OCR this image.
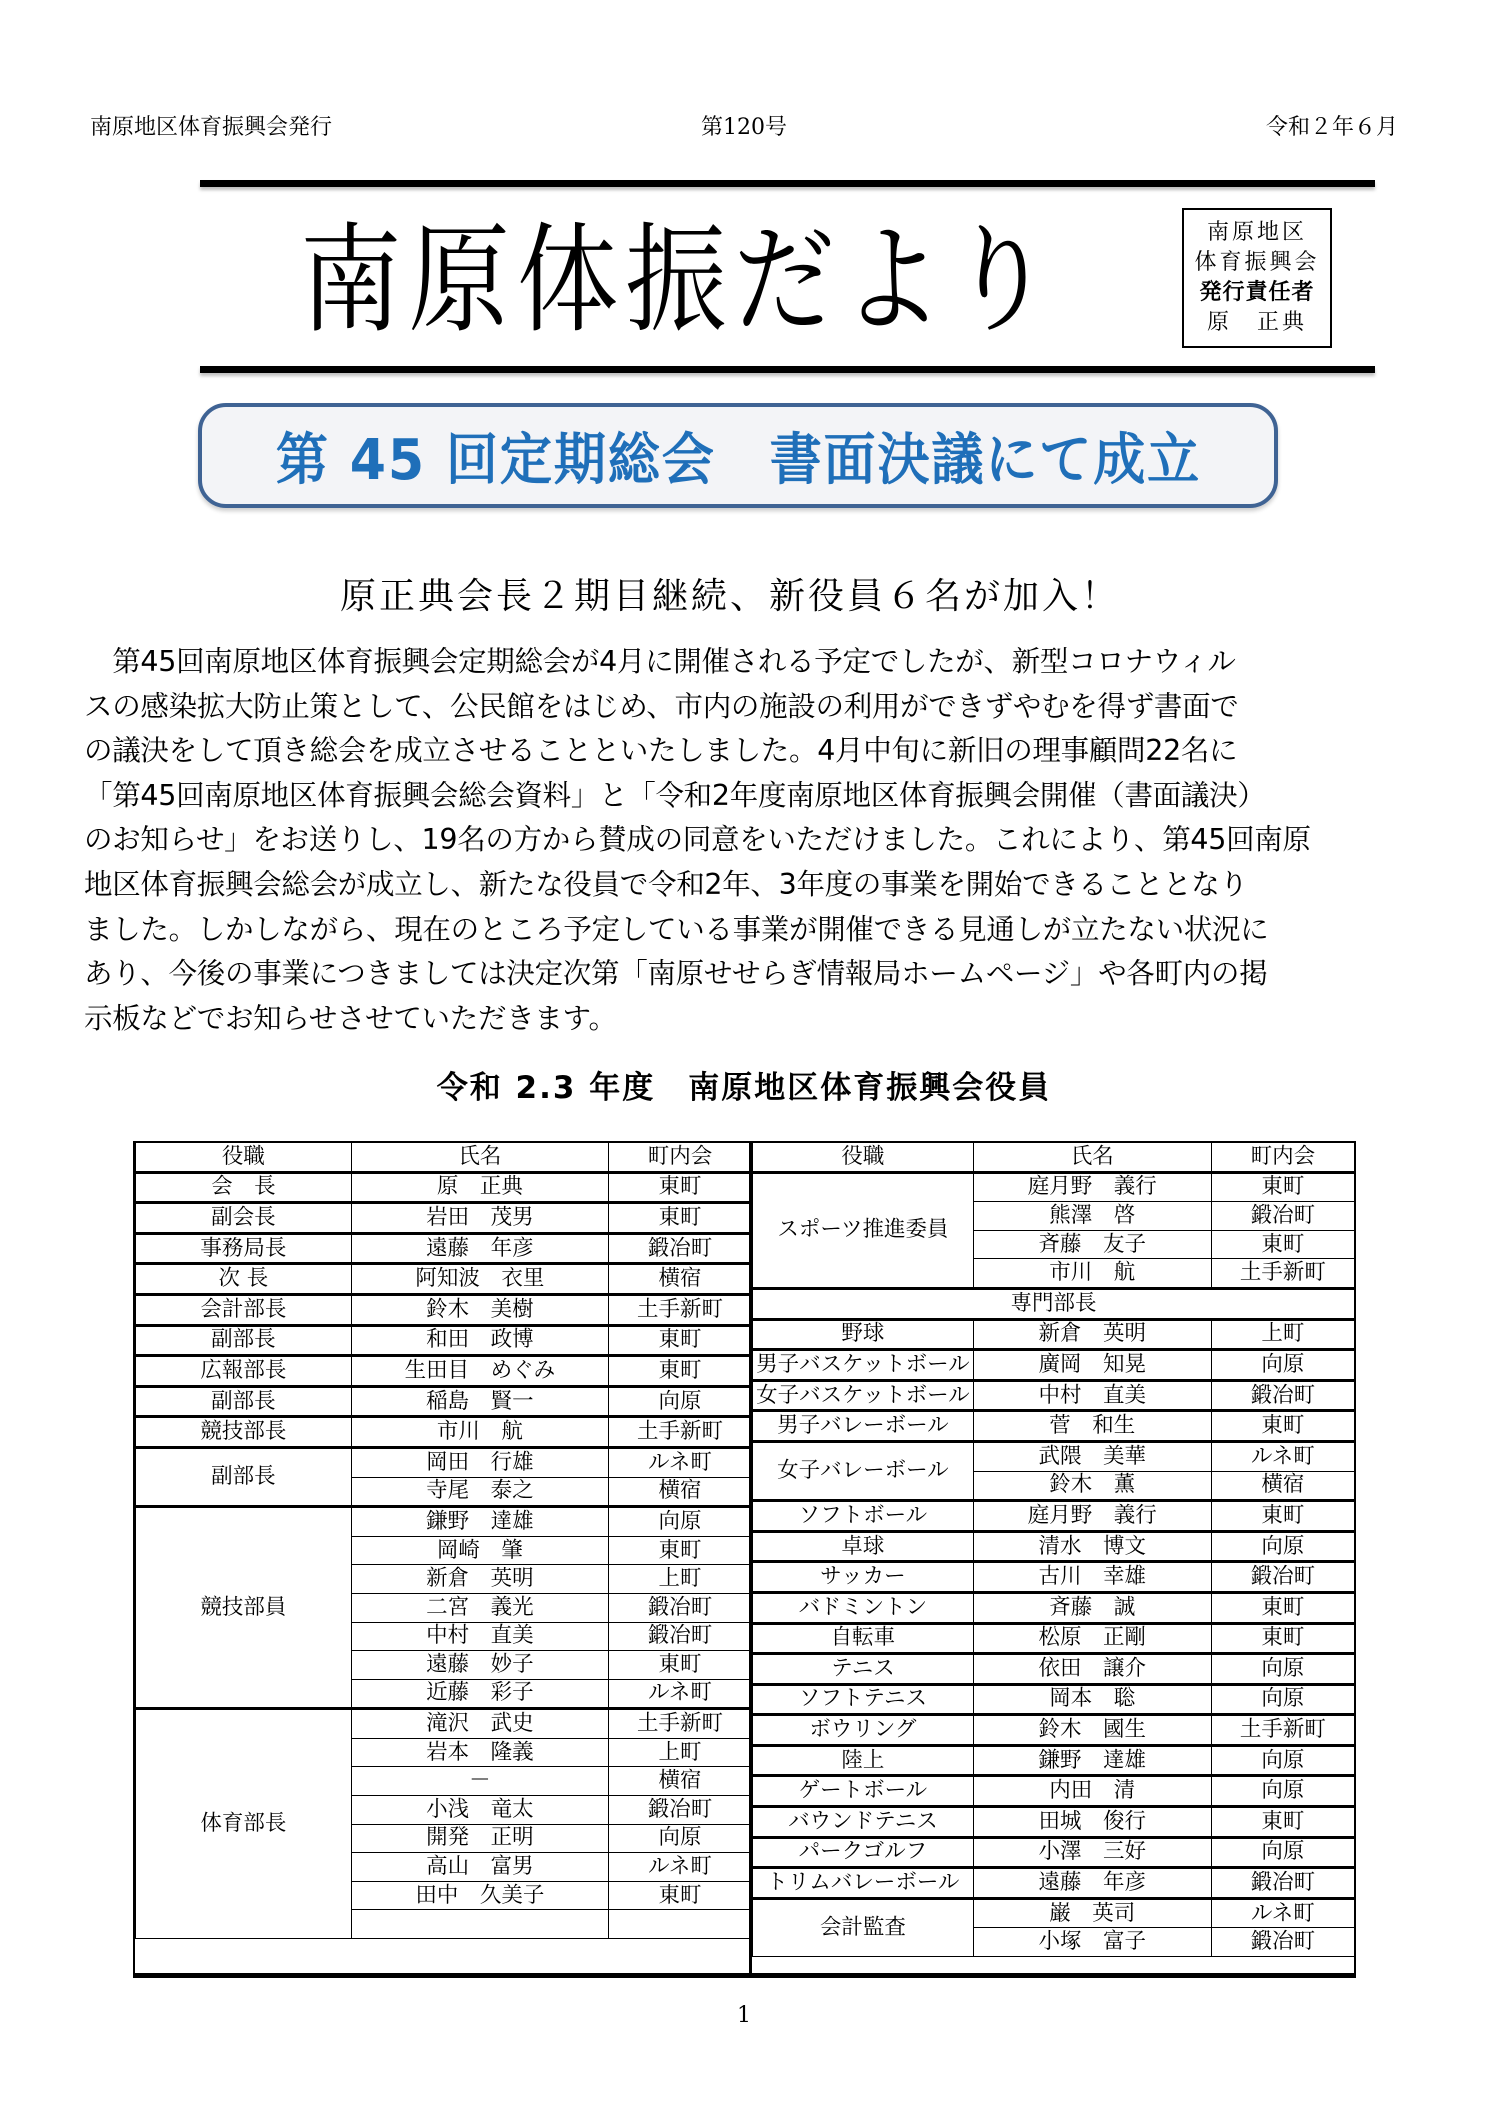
南原地区体育振興会発行	第120号	令和２年６月
南原体振だより	南原地区
体育振興会
発行責任者
原　正典
第 45 回定期総会　書面決議にて成立
原正典会長２期目継続、新役員６名が加入！

　第45回南原地区体育振興会定期総会が4月に開催される予定でしたが、新型コロナウィル

スの感染拡大防止策として、公民館をはじめ、市内の施設の利用ができずやむを得ず書面で

の議決をして頂き総会を成立させることといたしました。4月中旬に新旧の理事顧問22名に

「第45回南原地区体育振興会総会資料」と「令和2年度南原地区体育振興会開催（書面議決）

のお知らせ」をお送りし、19名の方から賛成の同意をいただけました。これにより、第45回南原

地区体育振興会総会が成立し、新たな役員で令和2年、3年度の事業を開始できることとなり

ました。しかしながら、現在のところ予定している事業が開催できる見通しが立たない状況に

あり、今後の事業につきましては決定次第「南原せせらぎ情報局ホームページ」や各町内の掲

示板などでお知らせさせていただきます。

令和 2.3 年度　南原地区体育振興会役員
役職	氏名	町内会
会　長	原　正典	東町
副会長	岩田　茂男	東町
事務局長	遠藤　年彦	鍛冶町
次 長	阿知波　衣里	横宿
会計部長	鈴木　美樹	土手新町
副部長	和田　政博	東町
広報部長	生田目　めぐみ	東町
副部長	稲島　賢一	向原
競技部長	市川　航	土手新町
副部長	岡田　行雄	ルネ町
	寺尾　泰之	横宿
競技部員	鎌野　達雄	向原
	岡崎　肇	東町
	新倉　英明	上町
	二宮　義光	鍛冶町
	中村　直美	鍛冶町
	遠藤　妙子	東町
	近藤　彩子	ルネ町
体育部長	滝沢　武史	土手新町
	岩本　隆義	上町
	－	横宿
	小浅　竜太	鍛冶町
	開発　正明	向原
	高山　富男	ルネ町
	田中　久美子	東町

役職	氏名	町内会
スポーツ推進委員	庭月野　義行	東町
	熊澤　啓	鍛冶町
	斉藤　友子	東町
	市川　航	土手新町
専門部長		
野球	新倉　英明	上町
男子バスケットボール	廣岡　知晃	向原
女子バスケットボール	中村　直美	鍛冶町
男子バレーボール	菅　和生	東町
女子バレーボール	武隈　美華	ルネ町
	鈴木　薫	横宿
ソフトボール	庭月野　義行	東町
卓球	清水　博文	向原
サッカー	古川　幸雄	鍛冶町
バドミントン	斉藤　誠	東町
自転車	松原　正剛	東町
テニス	依田　譲介	向原
ソフトテニス	岡本　聡	向原
ボウリング	鈴木　國生	土手新町
陸上	鎌野　達雄	向原
ゲートボール	内田　清	向原
バウンドテニス	田城　俊行	東町
パークゴルフ	小澤　三好	向原
トリムバレーボール	遠藤　年彦	鍛冶町
会計監査	巌　英司	ルネ町
	小塚　富子	鍛冶町
1
